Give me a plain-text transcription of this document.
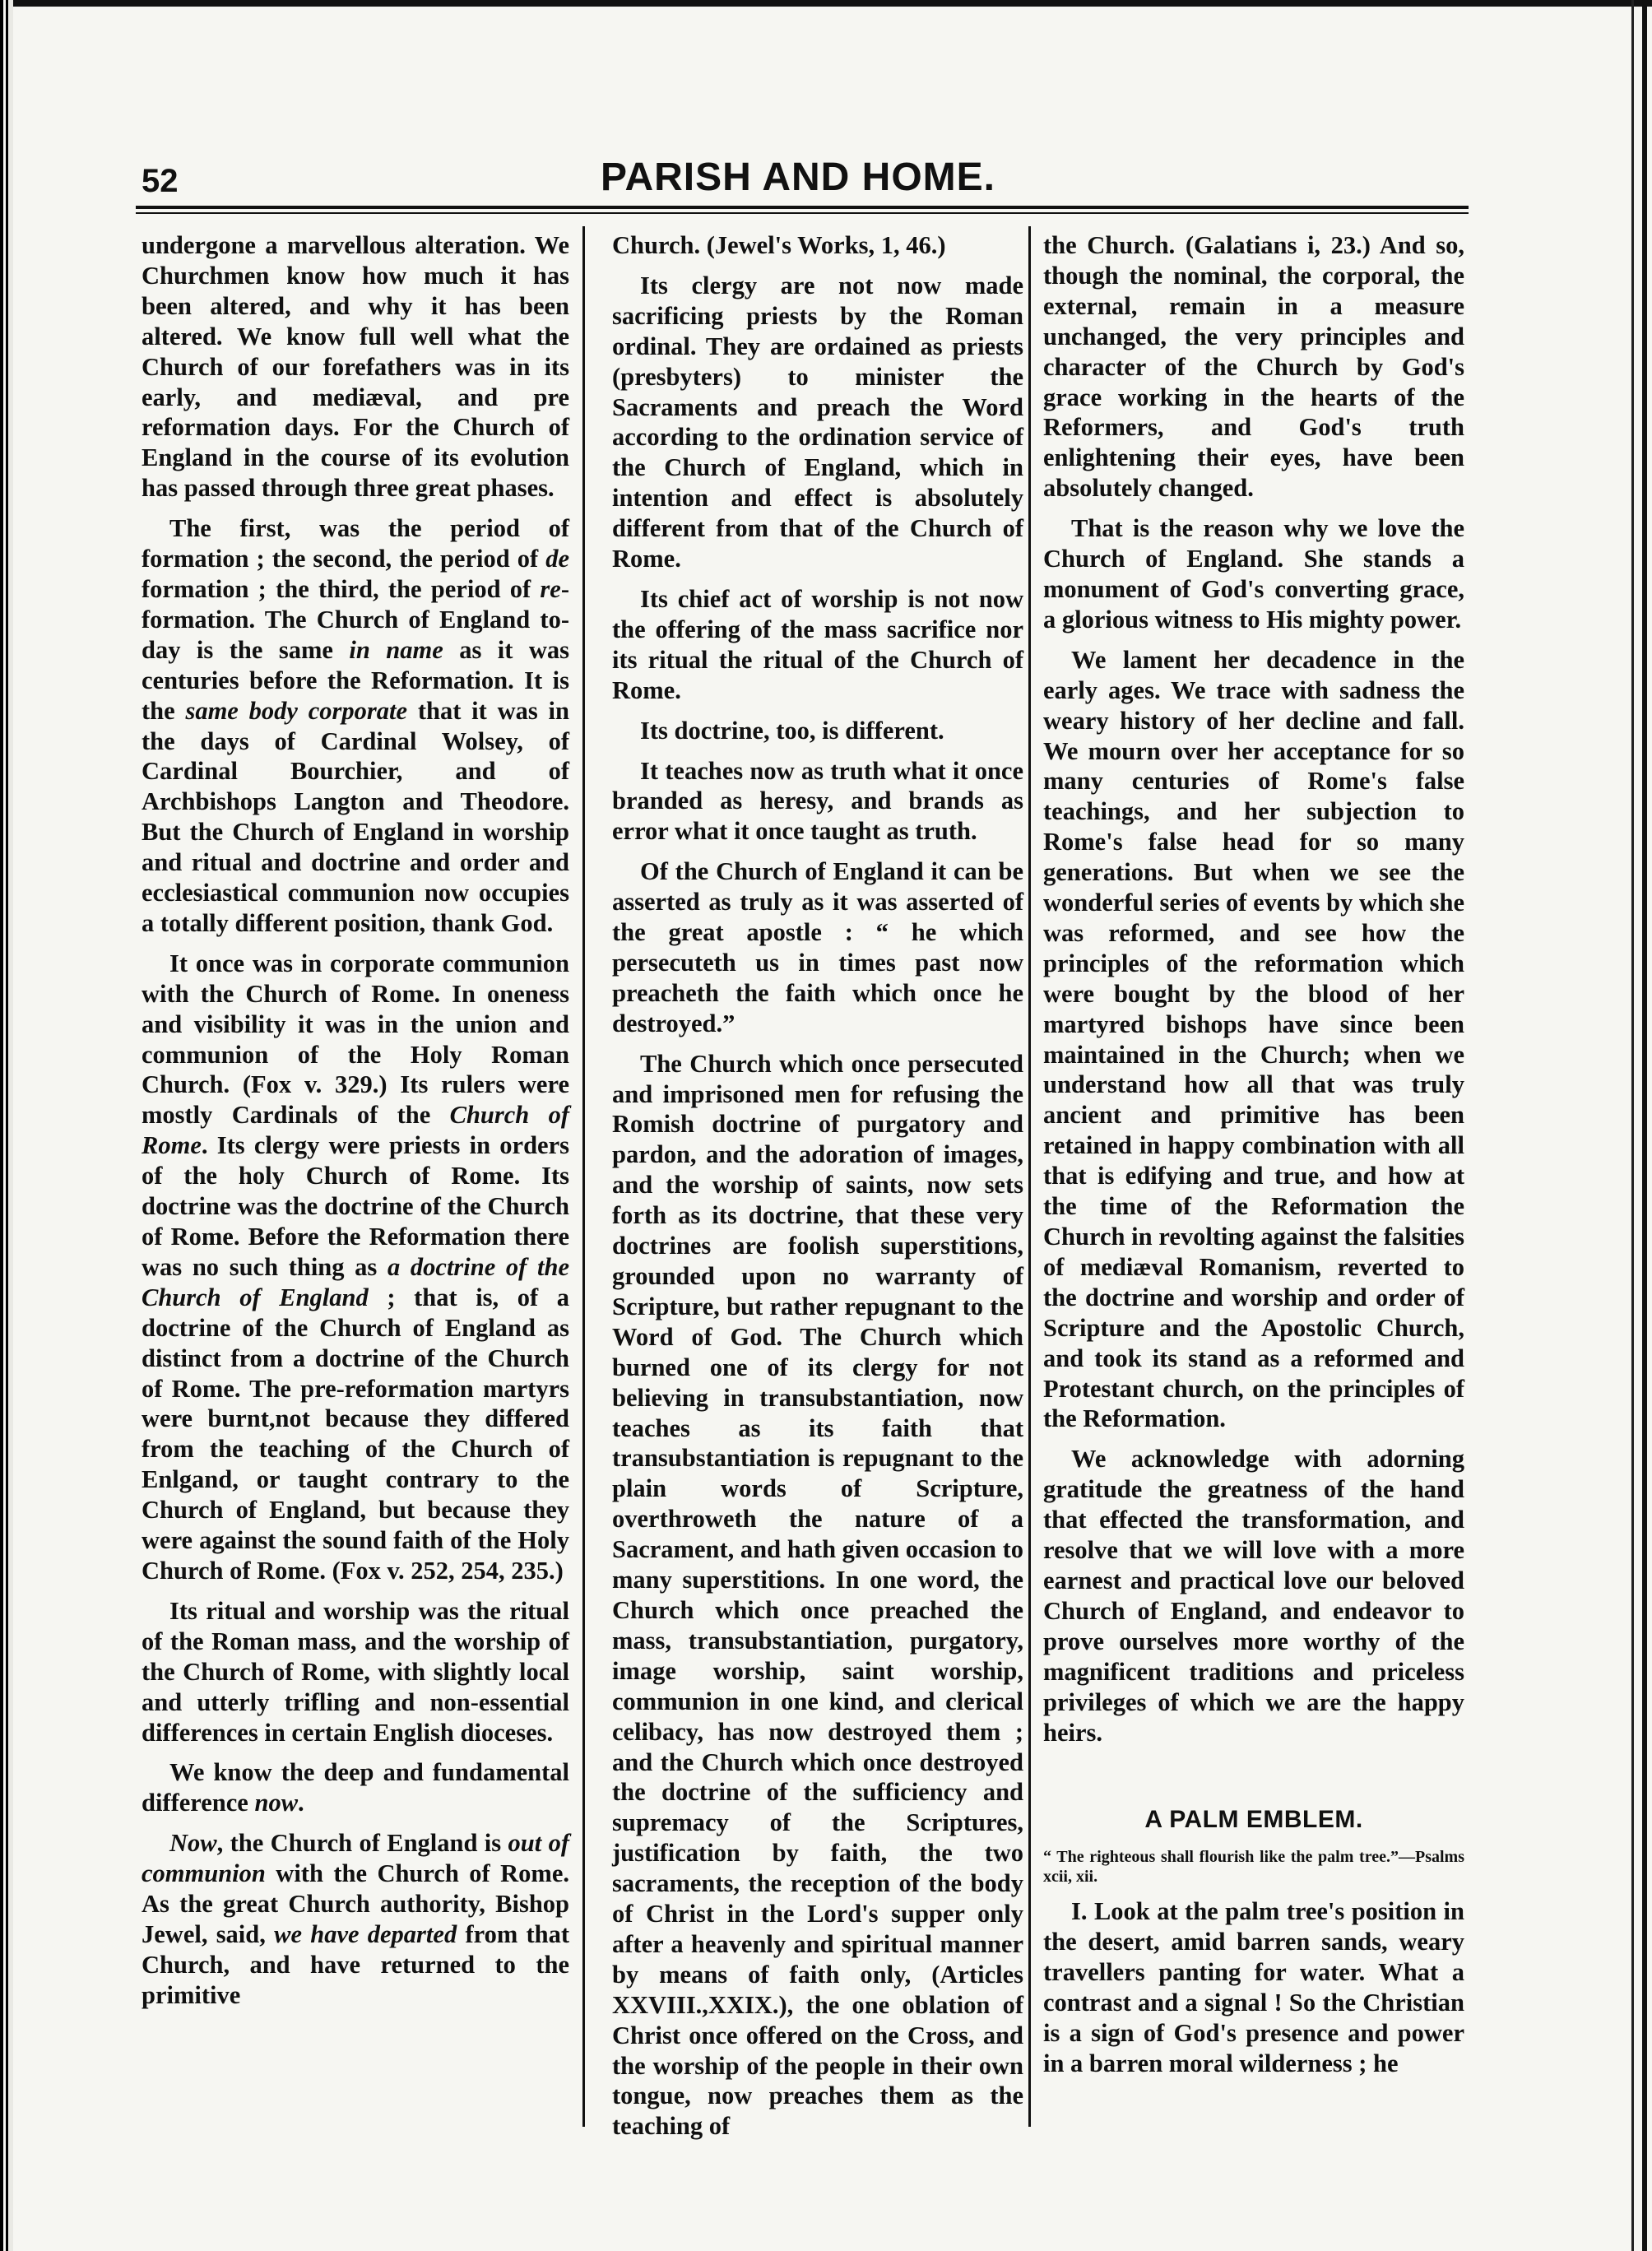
52	PARISH AND HOME.

undergone a marvellous alteration. We Churchmen know how much it has been altered, and why it has been altered. We know full well what the Church of our forefathers was in its early, and mediæval, and pre reformation days. For the Church of England in the course of its evolution has passed through three great phases.

The first, was the period of formation ; the second, the period of de formation ; the third, the period of re-formation. The Church of England to-day is the same in name as it was centuries before the Reformation. It is the same body corporate that it was in the days of Cardinal Wolsey, of Cardinal Bourchier, and of Archbishops Langton and Theodore. But the Church of England in worship and ritual and doctrine and order and ecclesiastical communion now occupies a totally different position, thank God.

It once was in corporate communion with the Church of Rome. In oneness and visibility it was in the union and communion of the Holy Roman Church. (Fox v. 329.) Its rulers were mostly Cardinals of the Church of Rome. Its clergy were priests in orders of the holy Church of Rome. Its doctrine was the doctrine of the Church of Rome. Before the Reformation there was no such thing as a doctrine of the Church of England ; that is, of a doctrine of the Church of England as distinct from a doctrine of the Church of Rome. The pre-reformation martyrs were burnt,not because they differed from the teaching of the Church of Enlgand, or taught contrary to the Church of England, but because they were against the sound faith of the Holy Church of Rome. (Fox v. 252, 254, 235.)

Its ritual and worship was the ritual of the Roman mass, and the worship of the Church of Rome, with slightly local and utterly trifling and non-essential differences in certain English dioceses.

We know the deep and fundamental difference now.

Now, the Church of England is out of communion with the Church of Rome. As the great Church authority, Bishop Jewel, said, we have departed from that Church, and have returned to the primitive

Church. (Jewel's Works, 1, 46.)

Its clergy are not now made sacrificing priests by the Roman ordinal. They are ordained as priests (presbyters) to minister the Sacraments and preach the Word according to the ordination service of the Church of England, which in intention and effect is absolutely different from that of the Church of Rome.

Its chief act of worship is not now the offering of the mass sacrifice nor its ritual the ritual of the Church of Rome.

Its doctrine, too, is different.

It teaches now as truth what it once branded as heresy, and brands as error what it once taught as truth.

Of the Church of England it can be asserted as truly as it was asserted of the great apostle : “ he which persecuteth us in times past now preacheth the faith which once he destroyed.”

The Church which once persecuted and imprisoned men for refusing the Romish doctrine of purgatory and pardon, and the adoration of images, and the worship of saints, now sets forth as its doctrine, that these very doctrines are foolish superstitions, grounded upon no warranty of Scripture, but rather repugnant to the Word of God. The Church which burned one of its clergy for not believing in transubstantiation, now teaches as its faith that transubstantiation is repugnant to the plain words of Scripture, overthroweth the nature of a Sacrament, and hath given occasion to many superstitions. In one word, the Church which once preached the mass, transubstantiation, purgatory, image worship, saint worship, communion in one kind, and clerical celibacy, has now destroyed them ; and the Church which once destroyed the doctrine of the sufficiency and supremacy of the Scriptures, justification by faith, the two sacraments, the reception of the body of Christ in the Lord's supper only after a heavenly and spiritual manner by means of faith only, (Articles XXVIII.,XXIX.), the one oblation of Christ once offered on the Cross, and the worship of the people in their own tongue, now preaches them as the teaching of

the Church. (Galatians i, 23.) And so, though the nominal, the corporal, the external, remain in a measure unchanged, the very principles and character of the Church by God's grace working in the hearts of the Reformers, and God's truth enlightening their eyes, have been absolutely changed.

That is the reason why we love the Church of England. She stands a monument of God's converting grace, a glorious witness to His mighty power.

We lament her decadence in the early ages. We trace with sadness the weary history of her decline and fall. We mourn over her acceptance for so many centuries of Rome's false teachings, and her subjection to Rome's false head for so many generations. But when we see the wonderful series of events by which she was reformed, and see how the principles of the reformation which were bought by the blood of her martyred bishops have since been maintained in the Church; when we understand how all that was truly ancient and primitive has been retained in happy combination with all that is edifying and true, and how at the time of the Reformation the Church in revolting against the falsities of mediæval Romanism, reverted to the doctrine and worship and order of Scripture and the Apostolic Church, and took its stand as a reformed and Protestant church, on the principles of the Reformation.

We acknowledge with adorning gratitude the greatness of the hand that effected the transformation, and resolve that we will love with a more earnest and practical love our beloved Church of England, and endeavor to prove ourselves more worthy of the magnificent traditions and priceless privileges of which we are the happy heirs.

A PALM EMBLEM.

“ The righteous shall flourish like the palm tree.”—Psalms xcii, xii.

I. Look at the palm tree's position in the desert, amid barren sands, weary travellers panting for water. What a contrast and a signal ! So the Christian is a sign of God's presence and power in a barren moral wilderness ; he
